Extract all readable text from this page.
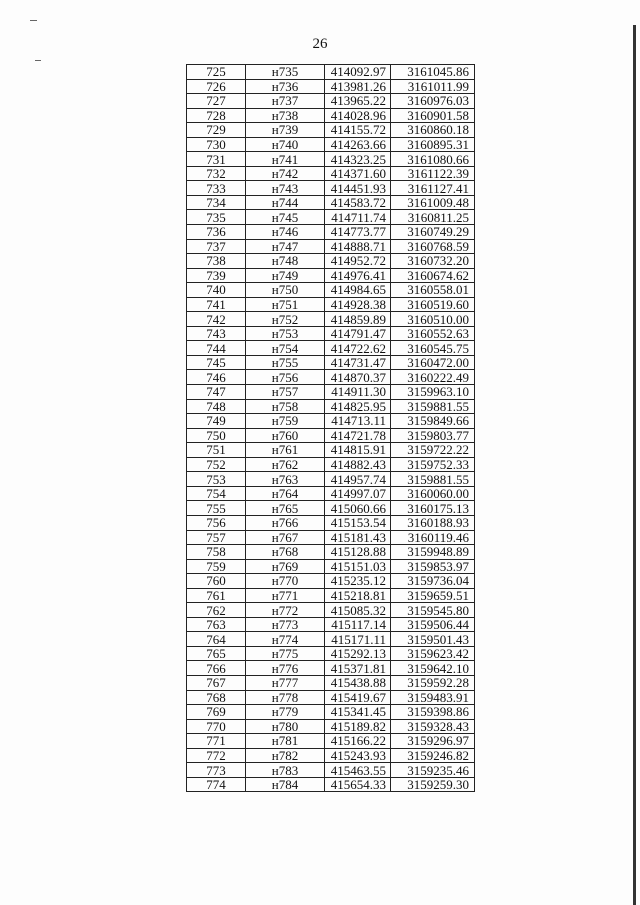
26
725	н735	414092.97	3161045.86
726	н736	413981.26	3161011.99
727	н737	413965.22	3160976.03
728	н738	414028.96	3160901.58
729	н739	414155.72	3160860.18
730	н740	414263.66	3160895.31
731	н741	414323.25	3161080.66
732	н742	414371.60	3161122.39
733	н743	414451.93	3161127.41
734	н744	414583.72	3161009.48
735	н745	414711.74	3160811.25
736	н746	414773.77	3160749.29
737	н747	414888.71	3160768.59
738	н748	414952.72	3160732.20
739	н749	414976.41	3160674.62
740	н750	414984.65	3160558.01
741	н751	414928.38	3160519.60
742	н752	414859.89	3160510.00
743	н753	414791.47	3160552.63
744	н754	414722.62	3160545.75
745	н755	414731.47	3160472.00
746	н756	414870.37	3160222.49
747	н757	414911.30	3159963.10
748	н758	414825.95	3159881.55
749	н759	414713.11	3159849.66
750	н760	414721.78	3159803.77
751	н761	414815.91	3159722.22
752	н762	414882.43	3159752.33
753	н763	414957.74	3159881.55
754	н764	414997.07	3160060.00
755	н765	415060.66	3160175.13
756	н766	415153.54	3160188.93
757	н767	415181.43	3160119.46
758	н768	415128.88	3159948.89
759	н769	415151.03	3159853.97
760	н770	415235.12	3159736.04
761	н771	415218.81	3159659.51
762	н772	415085.32	3159545.80
763	н773	415117.14	3159506.44
764	н774	415171.11	3159501.43
765	н775	415292.13	3159623.42
766	н776	415371.81	3159642.10
767	н777	415438.88	3159592.28
768	н778	415419.67	3159483.91
769	н779	415341.45	3159398.86
770	н780	415189.82	3159328.43
771	н781	415166.22	3159296.97
772	н782	415243.93	3159246.82
773	н783	415463.55	3159235.46
774	н784	415654.33	3159259.30
